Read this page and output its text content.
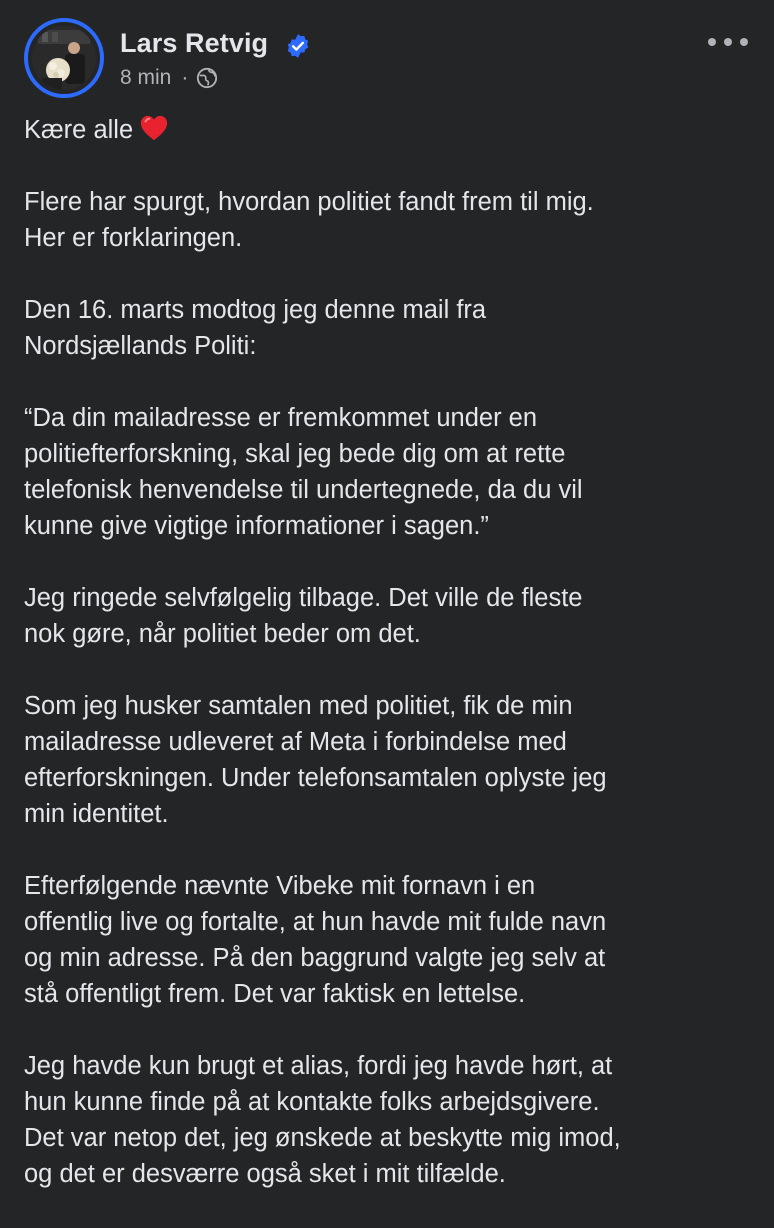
Lars Retvig
8 min ·

Kære alle

Flere har spurgt, hvordan politiet fandt frem til mig.
Her er forklaringen.

Den 16. marts modtog jeg denne mail fra
Nordsjællands Politi:

“Da din mailadresse er fremkommet under en
politiefterforskning, skal jeg bede dig om at rette
telefonisk henvendelse til undertegnede, da du vil
kunne give vigtige informationer i sagen.”

Jeg ringede selvfølgelig tilbage. Det ville de fleste
nok gøre, når politiet beder om det.

Som jeg husker samtalen med politiet, fik de min
mailadresse udleveret af Meta i forbindelse med
efterforskningen. Under telefonsamtalen oplyste jeg
min identitet.

Efterfølgende nævnte Vibeke mit fornavn i en
offentlig live og fortalte, at hun havde mit fulde navn
og min adresse. På den baggrund valgte jeg selv at
stå offentligt frem. Det var faktisk en lettelse.

Jeg havde kun brugt et alias, fordi jeg havde hørt, at
hun kunne finde på at kontakte folks arbejdsgivere.
Det var netop det, jeg ønskede at beskytte mig imod,
og det er desværre også sket i mit tilfælde.
